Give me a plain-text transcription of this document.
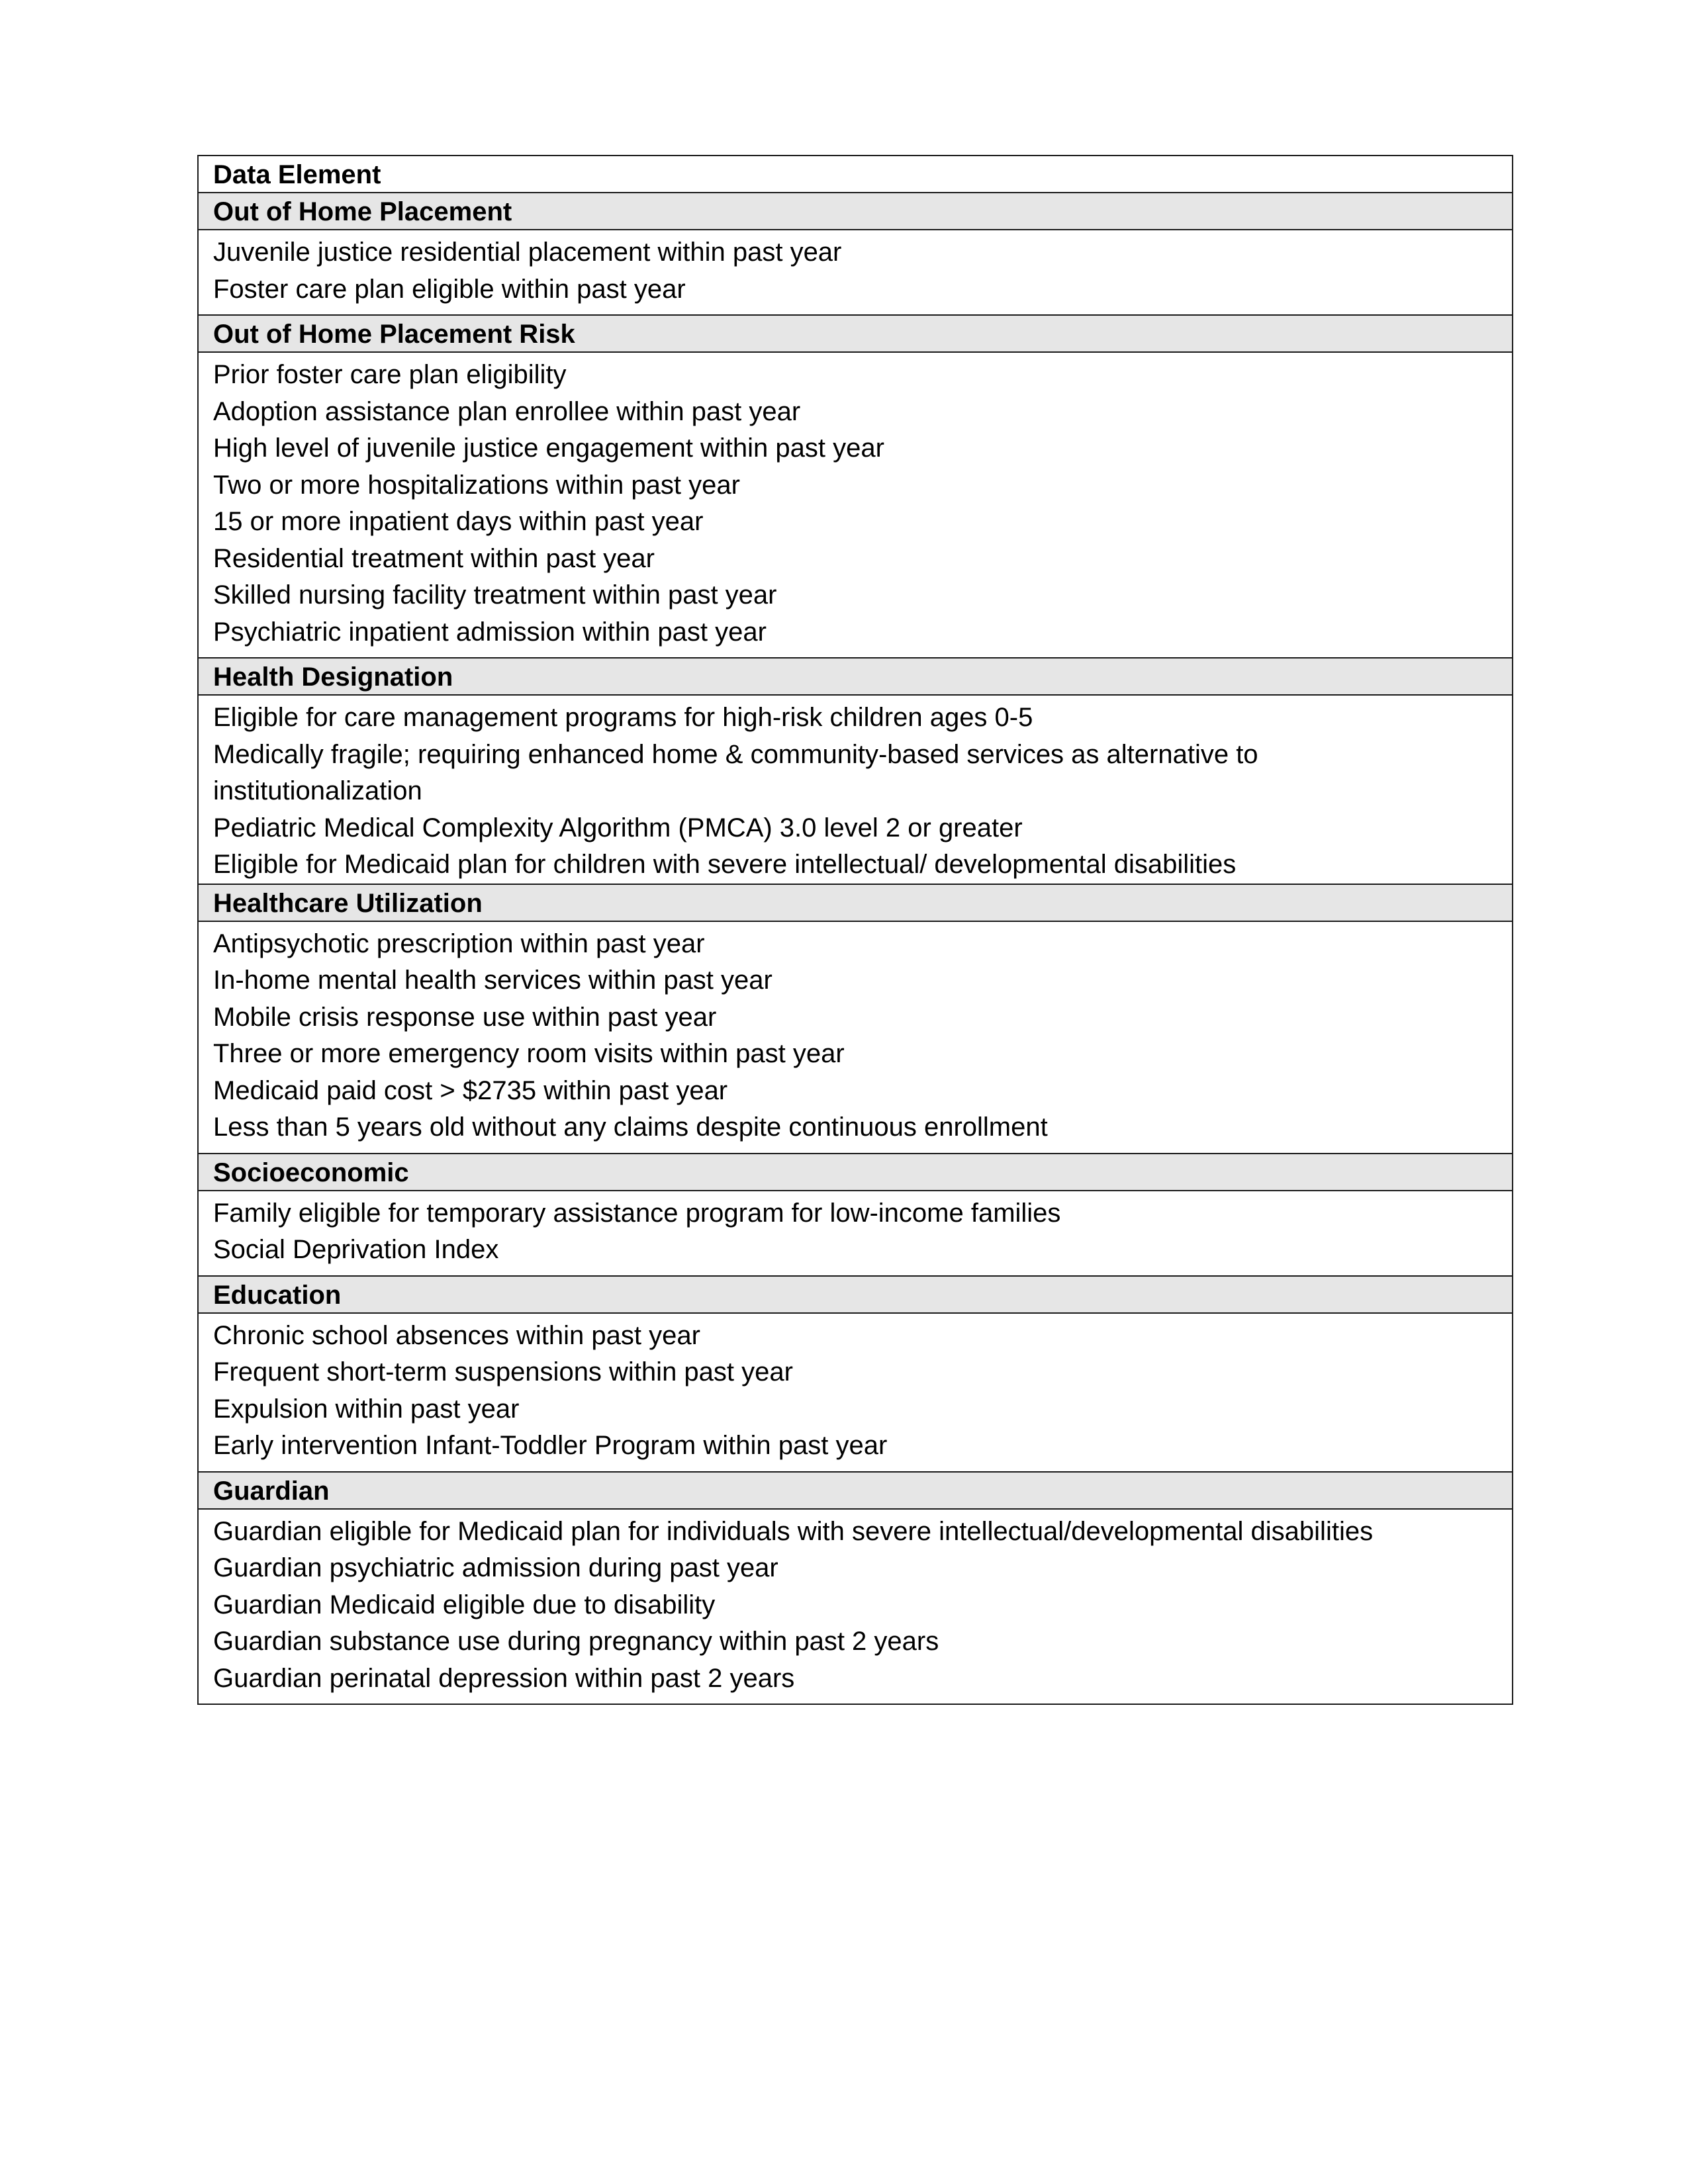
Data Element
Out of Home Placement
Juvenile justice residential placement within past year
Foster care plan eligible within past year
Out of Home Placement Risk
Prior foster care plan eligibility
Adoption assistance plan enrollee within past year
High level of juvenile justice engagement within past year
Two or more hospitalizations within past year
15 or more inpatient days within past year
Residential treatment within past year
Skilled nursing facility treatment within past year
Psychiatric inpatient admission within past year
Health Designation
Eligible for care management programs for high-risk children ages 0-5
Medically fragile; requiring enhanced home & community-based services as alternative to
institutionalization
Pediatric Medical Complexity Algorithm (PMCA) 3.0 level 2 or greater
Eligible for Medicaid plan for children with severe intellectual/ developmental disabilities
Healthcare Utilization
Antipsychotic prescription within past year
In-home mental health services within past year
Mobile crisis response use within past year
Three or more emergency room visits within past year
Medicaid paid cost > $2735 within past year
Less than 5 years old without any claims despite continuous enrollment
Socioeconomic
Family eligible for temporary assistance program for low-income families
Social Deprivation Index
Education
Chronic school absences within past year
Frequent short-term suspensions within past year
Expulsion within past year
Early intervention Infant-Toddler Program within past year
Guardian
Guardian eligible for Medicaid plan for individuals with severe intellectual/developmental disabilities
Guardian psychiatric admission during past year
Guardian Medicaid eligible due to disability
Guardian substance use during pregnancy within past 2 years
Guardian perinatal depression within past 2 years
